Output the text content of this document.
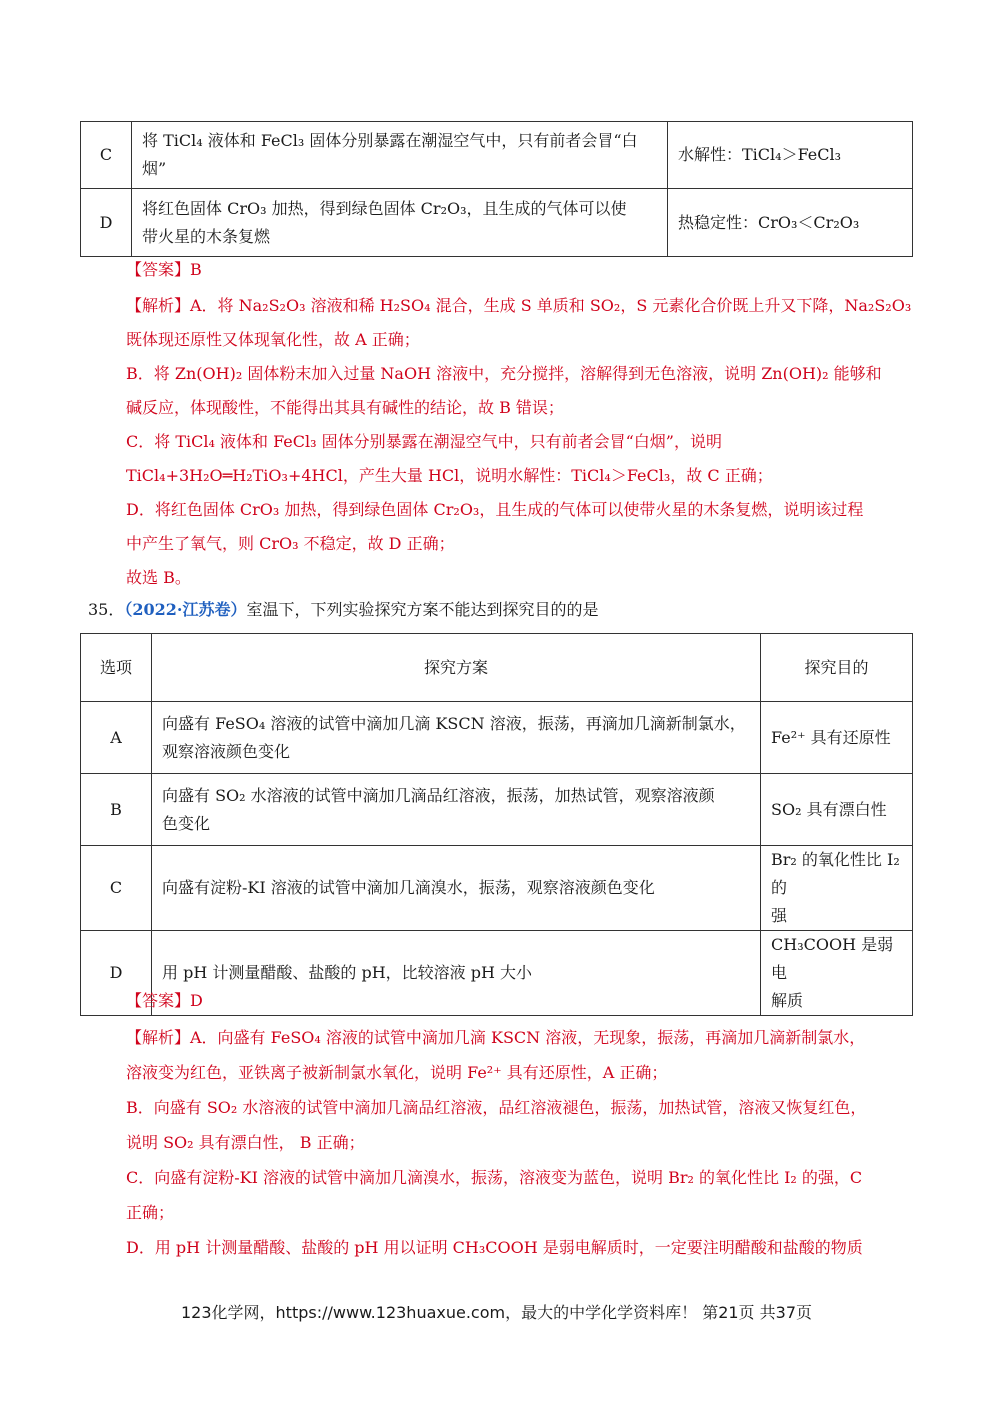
C	将 TiCl₄ 液体和 FeCl₃ 固体分别暴露在潮湿空气中，只有前者会冒“白
烟”	水解性：TiCl₄＞FeCl₃
D	将红色固体 CrO₃ 加热，得到绿色固体 Cr₂O₃，且生成的气体可以使
带火星的木条复燃	热稳定性：CrO₃＜Cr₂O₃
【答案】B
【解析】A．将 Na₂S₂O₃ 溶液和稀 H₂SO₄ 混合，生成 S 单质和 SO₂，S 元素化合价既上升又下降，Na₂S₂O₃
既体现还原性又体现氧化性，故 A 正确；
B．将 Zn(OH)₂ 固体粉末加入过量 NaOH 溶液中，充分搅拌，溶解得到无色溶液，说明 Zn(OH)₂ 能够和
碱反应，体现酸性，不能得出其具有碱性的结论，故 B 错误；
C．将 TiCl₄ 液体和 FeCl₃ 固体分别暴露在潮湿空气中，只有前者会冒“白烟”，说明
TiCl₄+3H₂O═H₂TiO₃+4HCl，产生大量 HCl，说明水解性：TiCl₄＞FeCl₃，故 C 正确；
D．将红色固体 CrO₃ 加热，得到绿色固体 Cr₂O₃，且生成的气体可以使带火星的木条复燃，说明该过程
中产生了氧气，则 CrO₃ 不稳定，故 D 正确；
故选 B。
35．（2022·江苏卷）室温下，下列实验探究方案不能达到探究目的的是
选项	探究方案	探究目的
A	向盛有 FeSO₄ 溶液的试管中滴加几滴 KSCN 溶液，振荡，再滴加几滴新制氯水，
观察溶液颜色变化	Fe²⁺ 具有还原性

B	向盛有 SO₂ 水溶液的试管中滴加几滴品红溶液，振荡，加热试管，观察溶液颜
色变化	SO₂ 具有漂白性

C	向盛有淀粉-KI 溶液的试管中滴加几滴溴水，振荡，观察溶液颜色变化	Br₂ 的氧化性比 I₂ 的
强

D	用 pH 计测量醋酸、盐酸的 pH，比较溶液 pH 大小	CH₃COOH 是弱电
解质
【答案】D
【解析】A．向盛有 FeSO₄ 溶液的试管中滴加几滴 KSCN 溶液，无现象，振荡，再滴加几滴新制氯水，
溶液变为红色，亚铁离子被新制氯水氧化，说明 Fe²⁺ 具有还原性，A 正确；
B．向盛有 SO₂ 水溶液的试管中滴加几滴品红溶液，品红溶液褪色，振荡，加热试管，溶液又恢复红色，
说明 SO₂ 具有漂白性， B 正确；
C．向盛有淀粉-KI 溶液的试管中滴加几滴溴水，振荡，溶液变为蓝色，说明 Br₂ 的氧化性比 I₂ 的强，C
正确；
D．用 pH 计测量醋酸、盐酸的 pH 用以证明 CH₃COOH 是弱电解质时，一定要注明醋酸和盐酸的物质
123化学网，https://www.123huaxue.com，最大的中学化学资料库！ 第21页 共37页
